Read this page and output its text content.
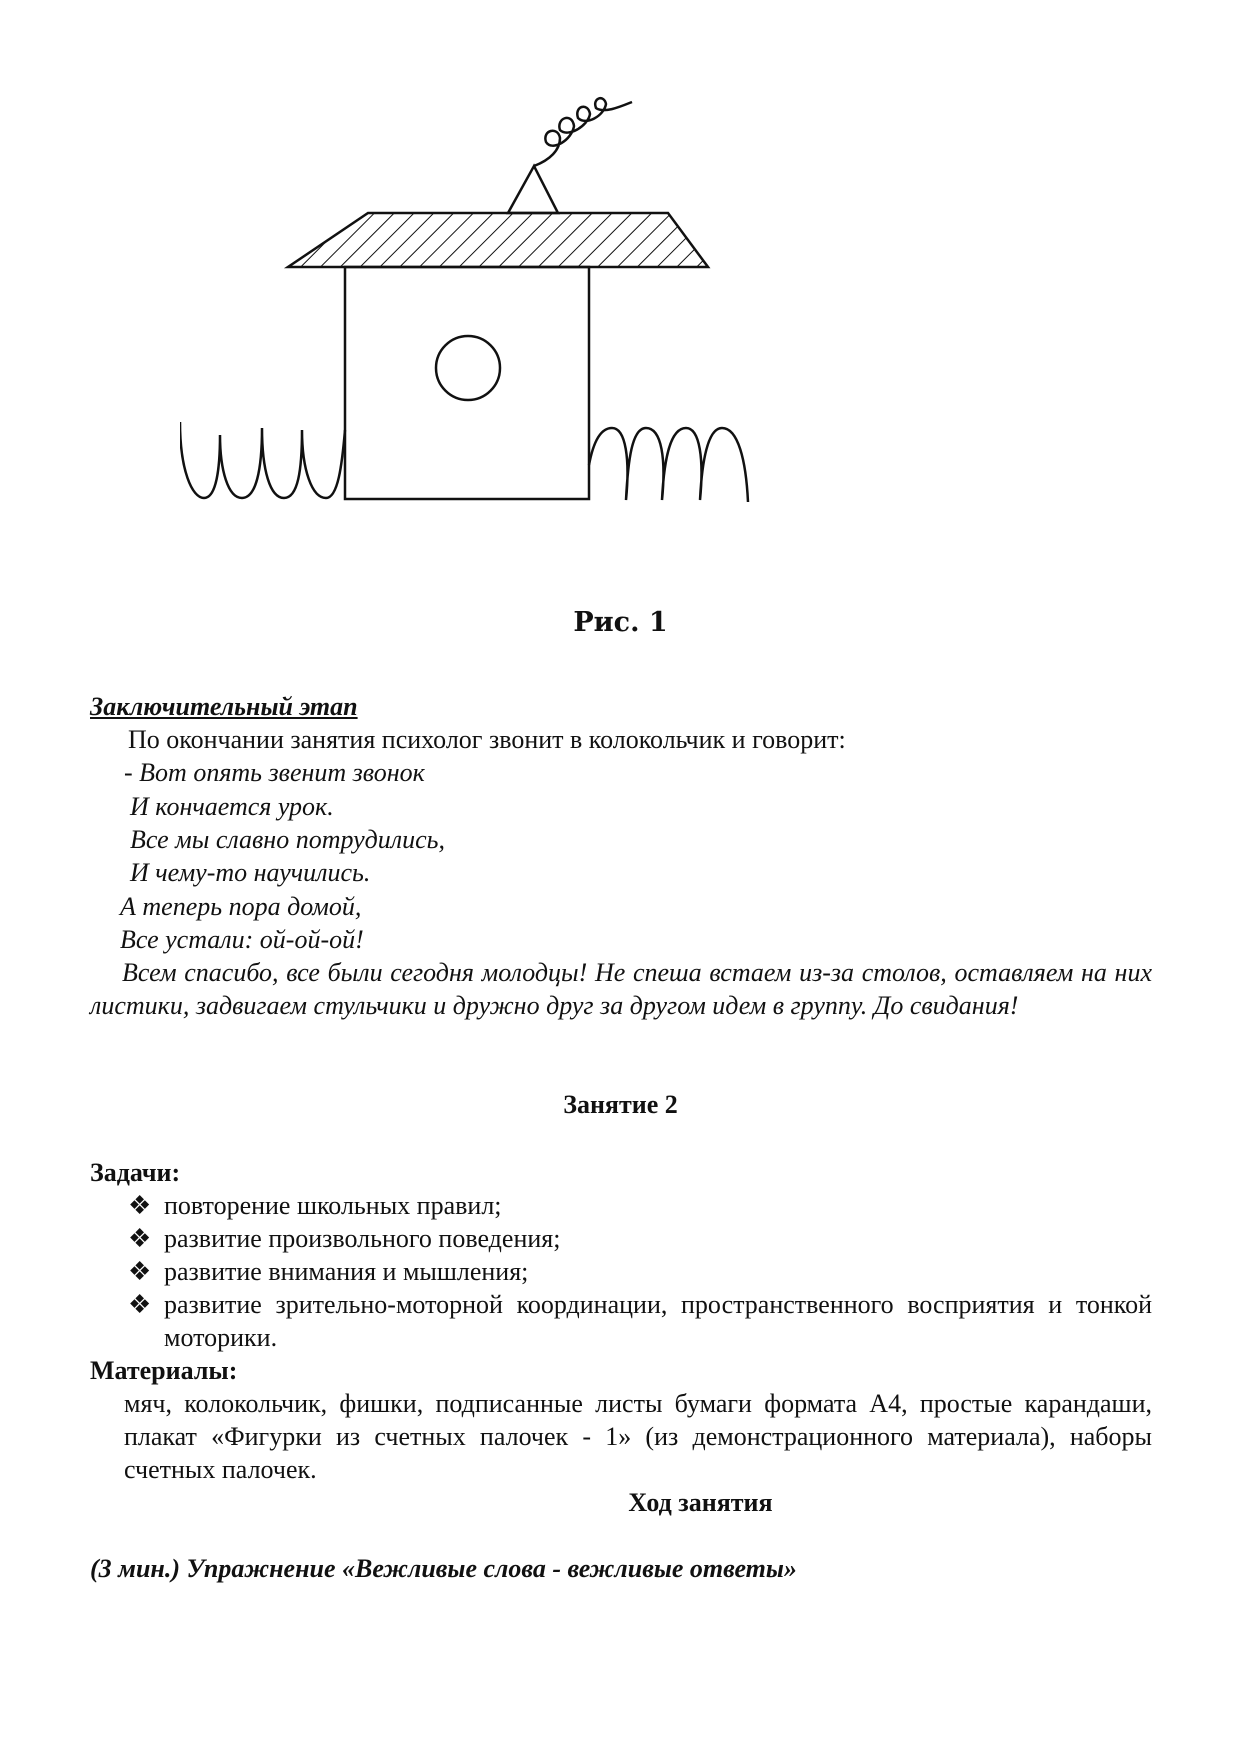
Рис. 1
Заключительный этап
По окончании занятия психолог звонит в колокольчик и говорит:
- Вот опять звенит звонок
И кончается урок.
Все мы славно потрудились,
И чему-то научились.
А теперь пора домой,
Все устали: ой-ой-ой!
Всем спасибо, все были сегодня молодцы! Не спеша встаем из-за столов, оставляем на них листики, задвигаем стульчики и дружно друг за другом идем в группу. До свидания!
Занятие 2
Задачи:
❖ повторение школьных правил;
❖ развитие произвольного поведения;
❖ развитие внимания и мышления;
❖ развитие зрительно-моторной координации, пространственного восприятия и тонкой моторики.
Материалы:
мяч, колокольчик, фишки, подписанные листы бумаги формата А4, простые карандаши, плакат «Фигурки из счетных палочек - 1» (из демонстрационного материала), наборы счетных палочек.
Ход занятия
(3 мин.) Упражнение «Вежливые слова - вежливые ответы»
